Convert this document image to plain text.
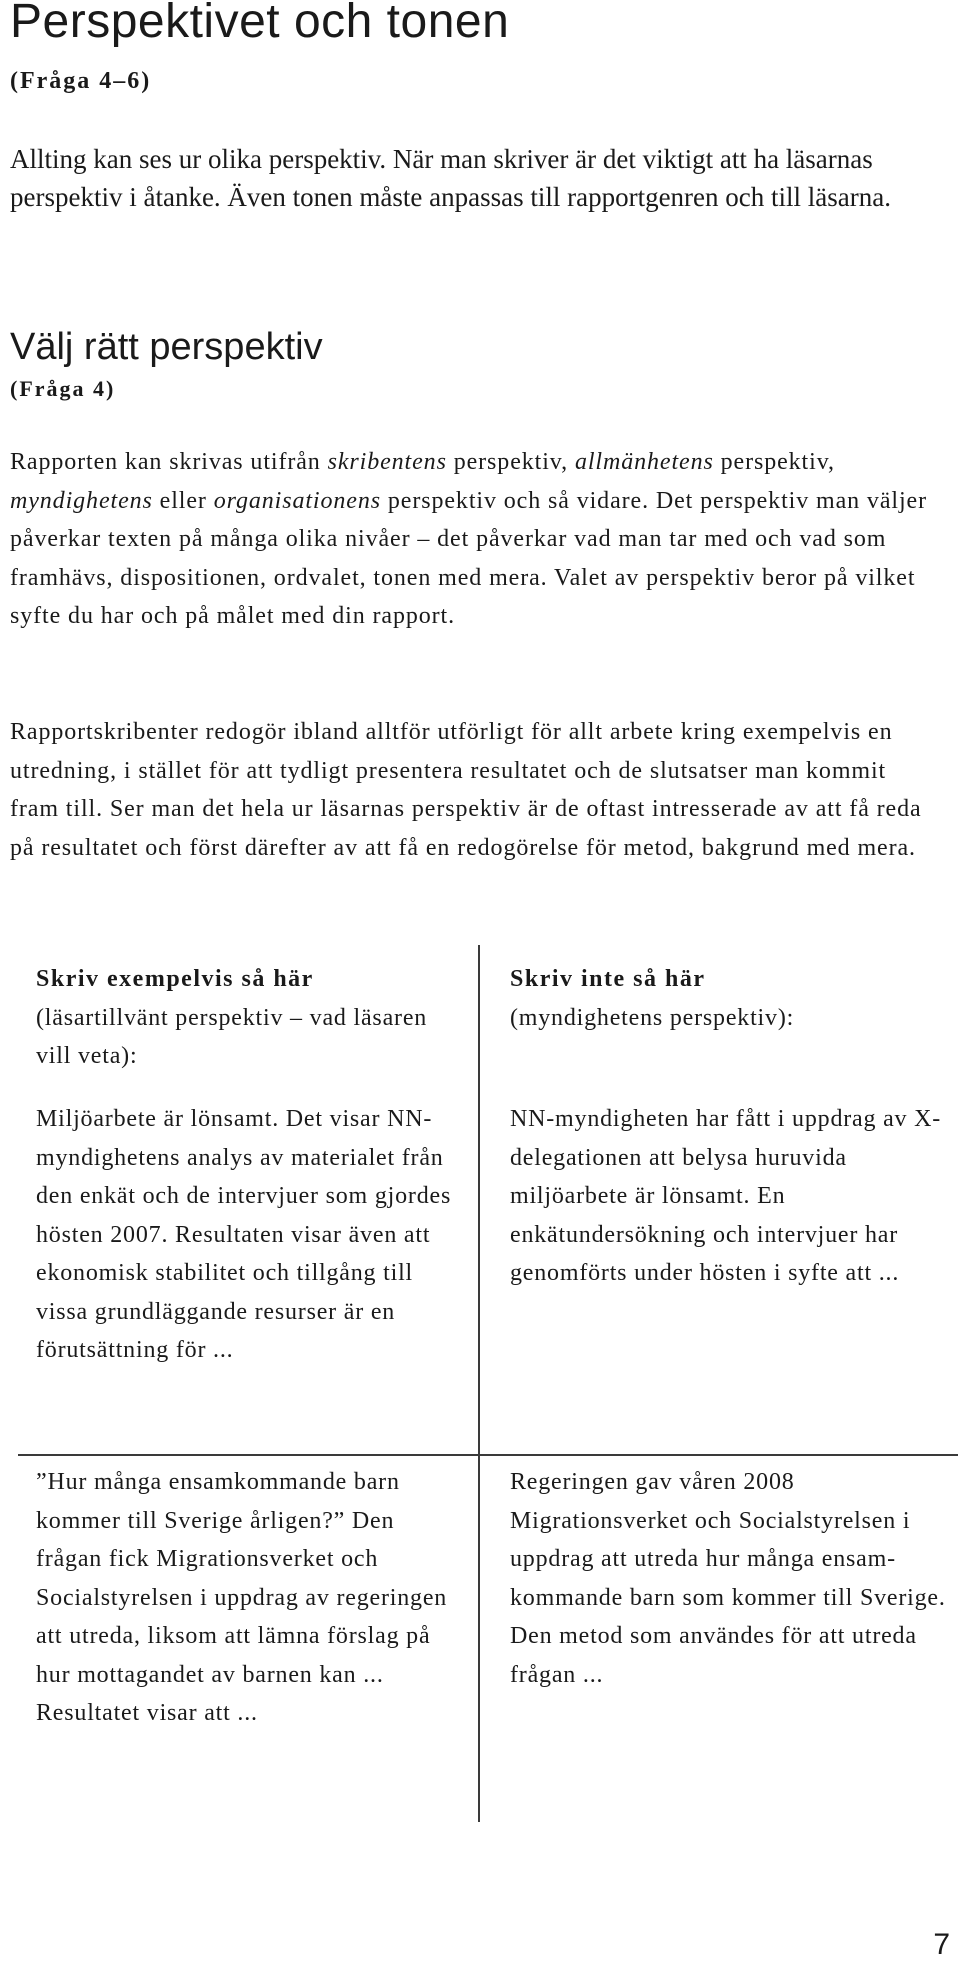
Perspektivet och tonen
(Fråga 4–6)

Allting kan ses ur olika perspektiv. När man skriver är det viktigt att ha läsarnas perspektiv i åtanke. Även tonen måste anpassas till rapportgenren och till läsarna.

Välj rätt perspektiv
(Fråga 4)

Rapporten kan skrivas utifrån skribentens perspektiv, allmänhetens perspektiv, myndighetens eller organisationens perspektiv och så vidare. Det perspektiv man väljer påverkar texten på många olika nivåer – det påverkar vad man tar med och vad som framhävs, dispositionen, ordvalet, tonen med mera. Valet av perspektiv beror på vilket syfte du har och på målet med din rapport.

Rapportskribenter redogör ibland alltför utförligt för allt arbete kring exempelvis en utredning, i stället för att tydligt presentera resultatet och de slutsatser man kommit fram till. Ser man det hela ur läsarnas perspektiv är de oftast intresserade av att få reda på resultatet och först därefter av att få en redogörelse för metod, bakgrund med mera.

Skriv exempelvis så här
(läsartillvänt perspektiv – vad läsaren vill veta):
Skriv inte så här
(myndighetens perspektiv):
Miljöarbete är lönsamt. Det visar NN-myndighetens analys av materialet från den enkät och de intervjuer som gjordes hösten 2007. Resultaten visar även att ekonomisk stabilitet och tillgång till vissa grundläggande resurser är en förutsättning för ...
NN-myndigheten har fått i uppdrag av X-delegationen att belysa huruvida miljöarbete är lönsamt. En enkätundersökning och intervjuer har genomförts under hösten i syfte att ...
”Hur många ensamkommande barn kommer till Sverige årligen?” Den frågan fick Migrationsverket och Socialstyrelsen i uppdrag av regeringen att utreda, liksom att lämna förslag på hur mottagandet av barnen kan ... Resultatet visar att ...
Regeringen gav våren 2008 Migrationsverket och Socialstyrelsen i uppdrag att utreda hur många ensam-kommande barn som kommer till Sverige. Den metod som användes för att utreda frågan ...
7
